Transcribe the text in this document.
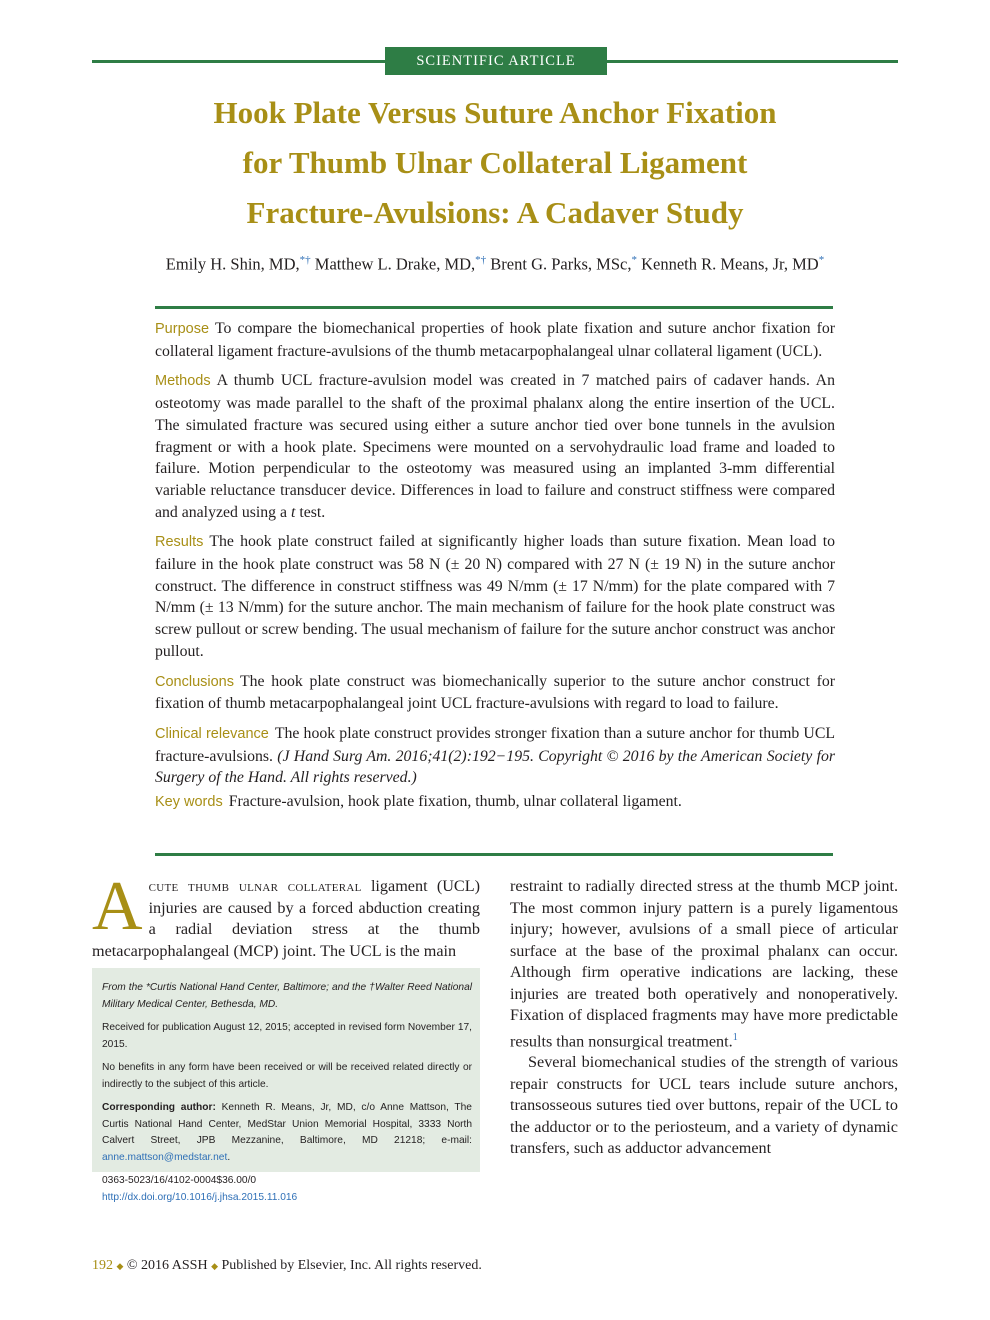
SCIENTIFIC ARTICLE
Hook Plate Versus Suture Anchor Fixation
for Thumb Ulnar Collateral Ligament
Fracture-Avulsions: A Cadaver Study
Emily H. Shin, MD,*† Matthew L. Drake, MD,*† Brent G. Parks, MSc,* Kenneth R. Means, Jr, MD*

Purpose To compare the biomechanical properties of hook plate fixation and suture anchor fixation for collateral ligament fracture-avulsions of the thumb metacarpophalangeal ulnar collateral ligament (UCL).

Methods A thumb UCL fracture-avulsion model was created in 7 matched pairs of cadaver hands. An osteotomy was made parallel to the shaft of the proximal phalanx along the entire insertion of the UCL. The simulated fracture was secured using either a suture anchor tied over bone tunnels in the avulsion fragment or with a hook plate. Specimens were mounted on a servohydraulic load frame and loaded to failure. Motion perpendicular to the osteotomy was measured using an implanted 3-mm differential variable reluctance transducer device. Differences in load to failure and construct stiffness were compared and analyzed using a t test.

Results The hook plate construct failed at significantly higher loads than suture fixation. Mean load to failure in the hook plate construct was 58 N (± 20 N) compared with 27 N (± 19 N) in the suture anchor construct. The difference in construct stiffness was 49 N/mm (± 17 N/mm) for the plate compared with 7 N/mm (± 13 N/mm) for the suture anchor. The main mechanism of failure for the hook plate construct was screw pullout or screw bending. The usual mechanism of failure for the suture anchor construct was anchor pullout.

Conclusions The hook plate construct was biomechanically superior to the suture anchor construct for fixation of thumb metacarpophalangeal joint UCL fracture-avulsions with regard to load to failure.

Clinical relevance The hook plate construct provides stronger fixation than a suture anchor for thumb UCL fracture-avulsions. (J Hand Surg Am. 2016;41(2):192−195. Copyright © 2016 by the American Society for Surgery of the Hand. All rights reserved.)

Key words Fracture-avulsion, hook plate fixation, thumb, ulnar collateral ligament.

Acute thumb ulnar collateral ligament (UCL) injuries are caused by a forced abduction creating a radial deviation stress at the thumb metacarpophalangeal (MCP) joint. The UCL is the main

From the *Curtis National Hand Center, Baltimore; and the †Walter Reed National Military Medical Center, Bethesda, MD.

Received for publication August 12, 2015; accepted in revised form November 17, 2015.

No benefits in any form have been received or will be received related directly or indirectly to the subject of this article.

Corresponding author: Kenneth R. Means, Jr, MD, c/o Anne Mattson, The Curtis National Hand Center, MedStar Union Memorial Hospital, 3333 North Calvert Street, JPB Mezzanine, Baltimore, MD 21218; e-mail: anne.mattson@medstar.net.

0363-5023/16/4102-0004$36.00/0
http://dx.doi.org/10.1016/j.jhsa.2015.11.016

restraint to radially directed stress at the thumb MCP joint. The most common injury pattern is a purely ligamentous injury; however, avulsions of a small piece of articular surface at the base of the proximal phalanx can occur. Although firm operative indications are lacking, these injuries are treated both operatively and nonoperatively. Fixation of displaced fragments may have more predictable results than nonsurgical treatment.$^1$

Several biomechanical studies of the strength of various repair constructs for UCL tears include suture anchors, transosseous sutures tied over buttons, repair of the UCL to the adductor or to the periosteum, and a variety of dynamic transfers, such as adductor advancement

192 ◆ © 2016 ASSH ◆ Published by Elsevier, Inc. All rights reserved.
